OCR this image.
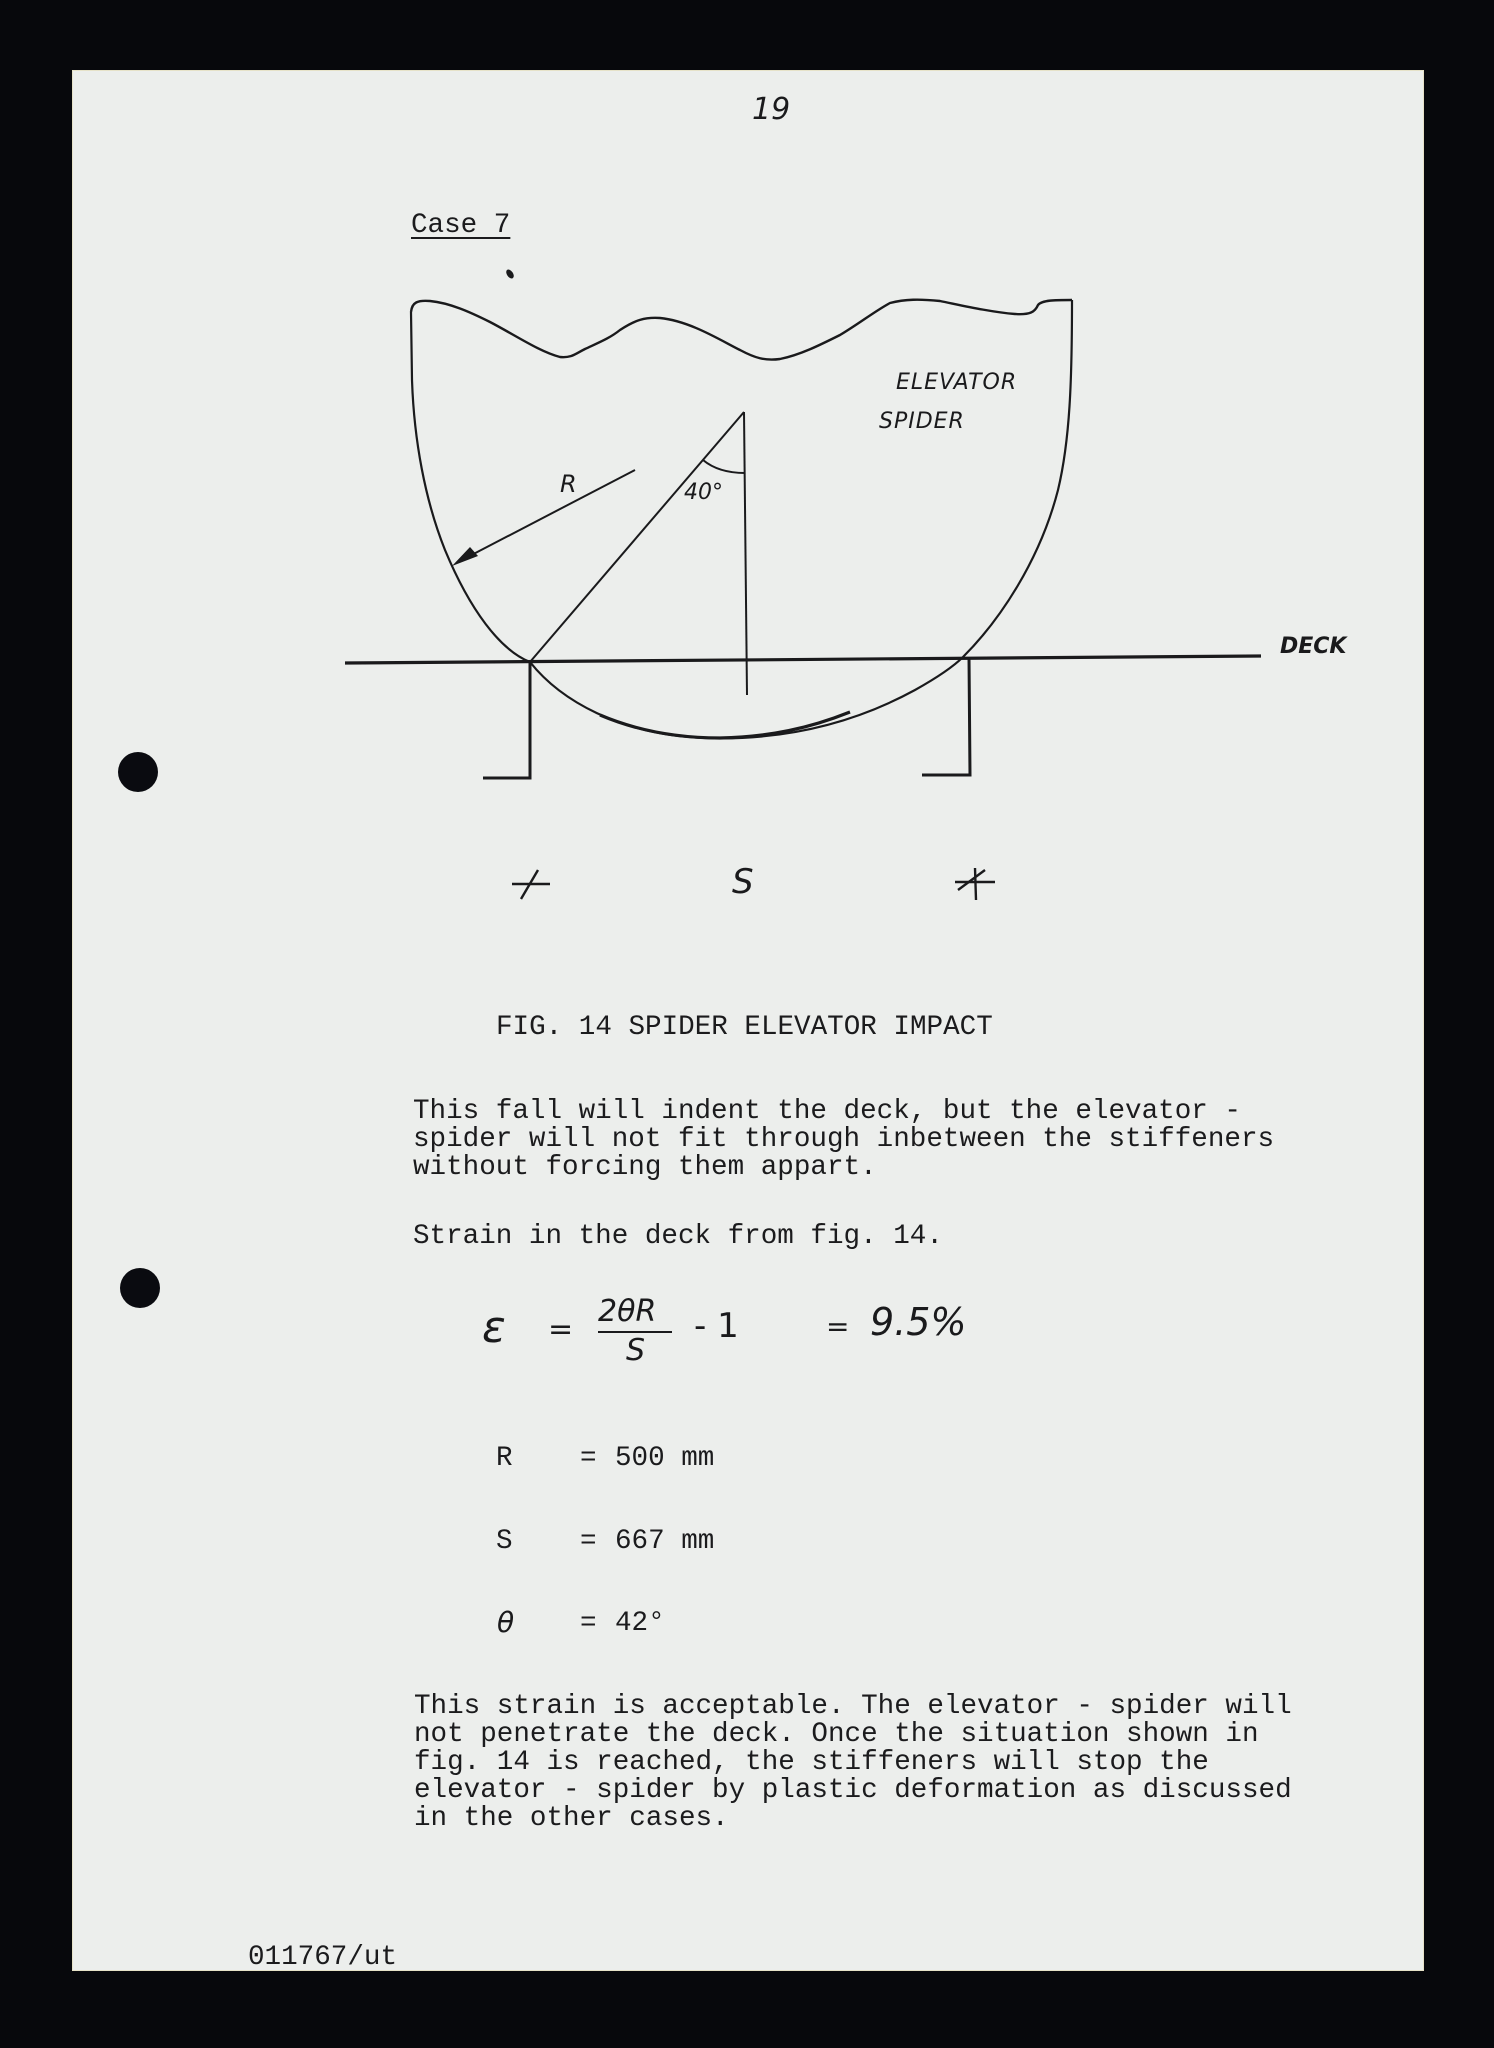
19
Case 7
ELEVATOR
SPIDER
R	40°
DECK
S
FIG. 14 SPIDER ELEVATOR IMPACT
This fall will indent the deck, but the elevator -
spider will not fit through inbetween the stiffeners
without forcing them appart.
Strain in the deck from fig. 14.
ε =
2θR
S
- 1	= 9.5%
R = 500 mm
S = 667 mm
θ = 42°
This strain is acceptable. The elevator - spider will
not penetrate the deck. Once the situation shown in
fig. 14 is reached, the stiffeners will stop the
elevator - spider by plastic deformation as discussed
in the other cases.
011767/ut
